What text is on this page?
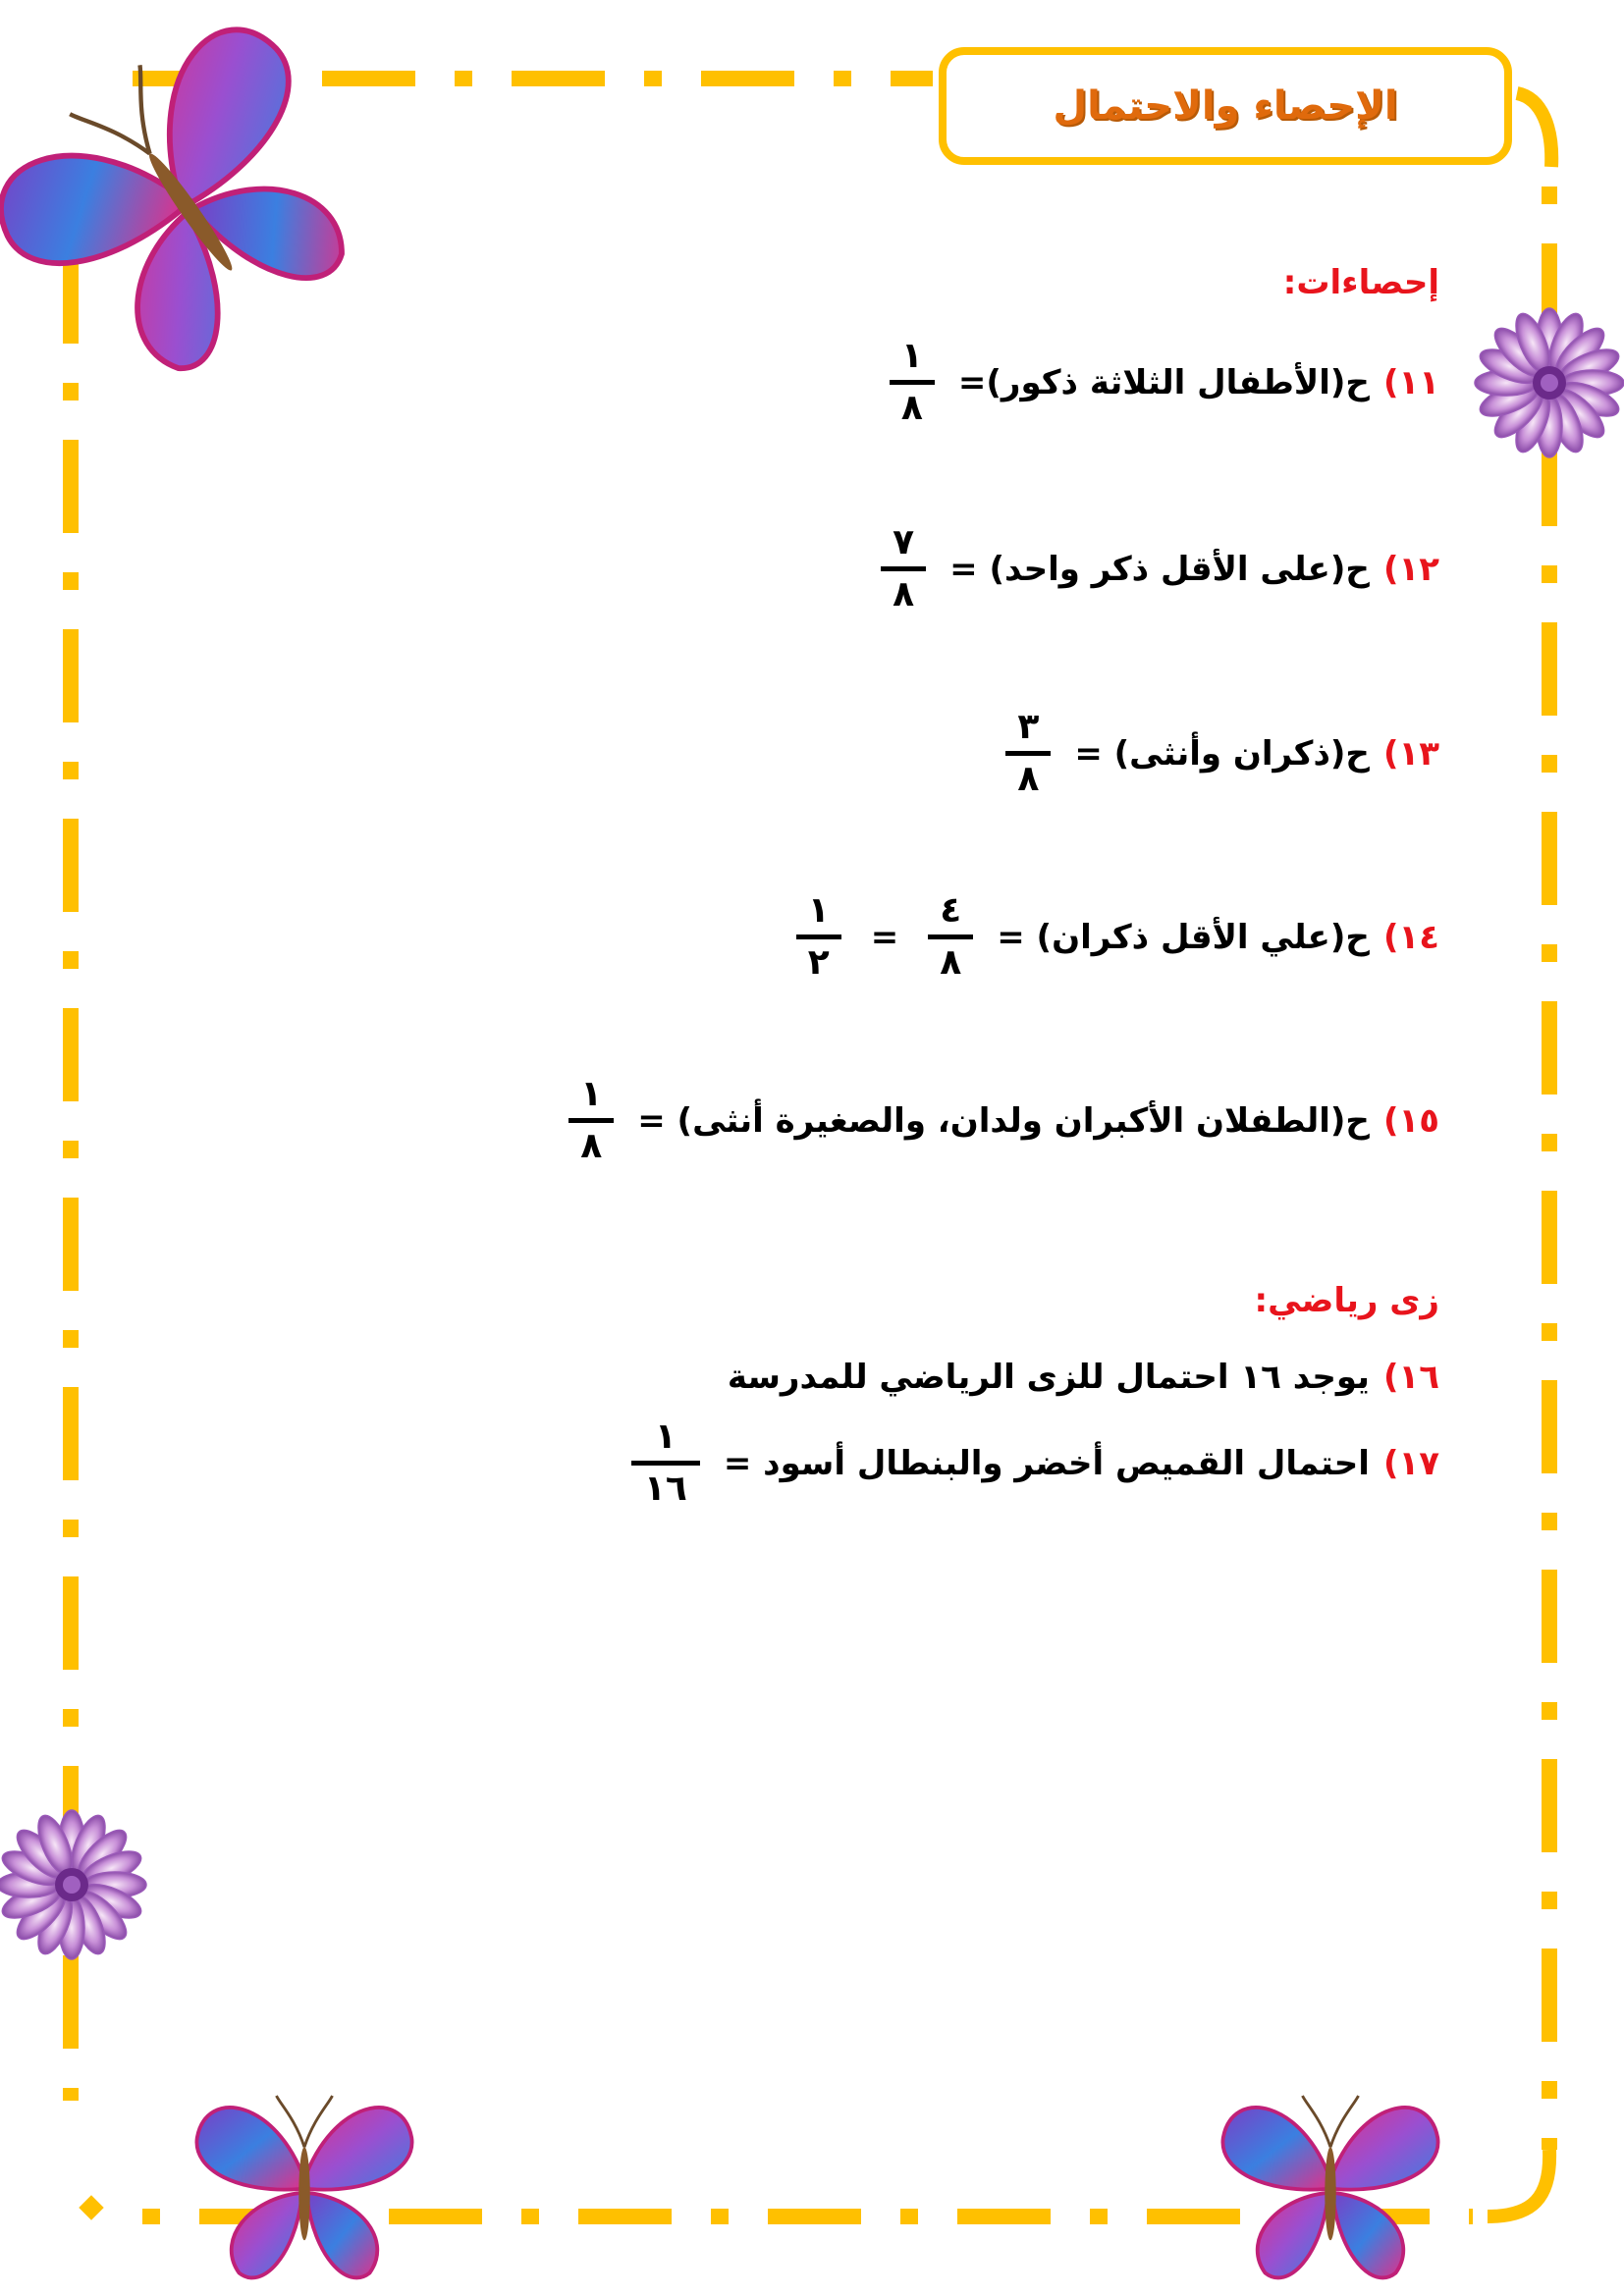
الإحصاء والاحتمال
إحصاءات:
١١)
ح(الأطفال الثلاثة ذكور)=
١
٨
١٢)
ح(على الأقل ذكر واحد) =
٧
٨
١٣)
ح(ذكران وأنثى) =
٣
٨
١٤)
ح(علي الأقل ذكران) =
٤
٨
=
١
٢
١٥)
ح(الطفلان الأكبران ولدان، والصغيرة أنثى) =
١
٨
زى رياضي:
١٦)
يوجد ١٦ احتمال للزى الرياضي للمدرسة
١٧)
احتمال القميص أخضر والبنطال أسود =
١
١٦
